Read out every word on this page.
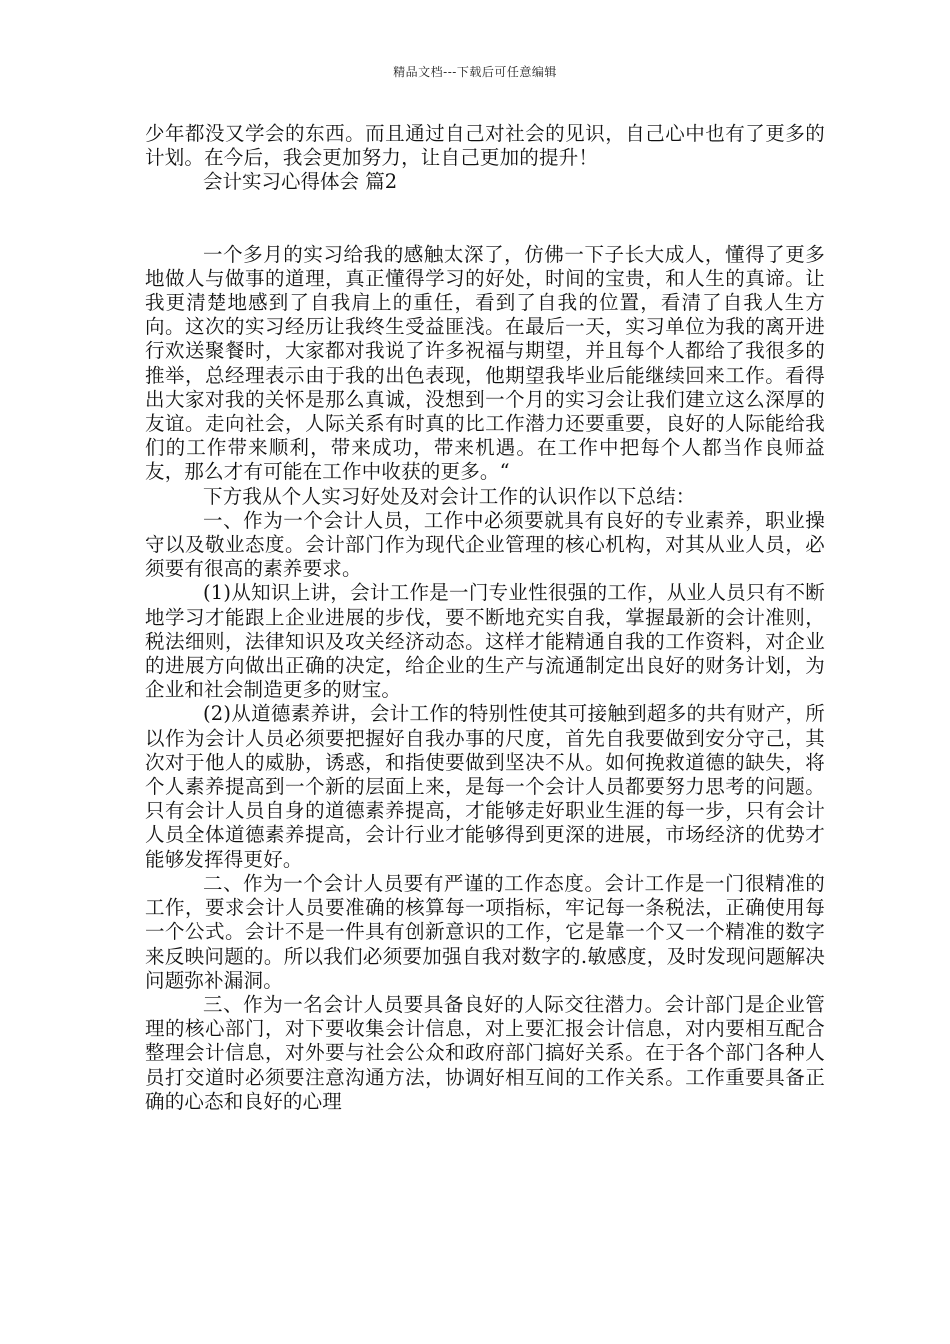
精品文档---下载后可任意编辑

少年都没又学会的东西。而且通过自己对社会的见识，自己心中也有了更多的计划。在今后，我会更加努力，让自己更加的提升！

会计实习心得体会 篇2

一个多月的实习给我的感触太深了，仿佛一下子长大成人，懂得了更多地做人与做事的道理，真正懂得学习的好处，时间的宝贵，和人生的真谛。让我更清楚地感到了自我肩上的重任，看到了自我的位置，看清了自我人生方向。这次的实习经历让我终生受益匪浅。在最后一天，实习单位为我的离开进行欢送聚餐时，大家都对我说了许多祝福与期望，并且每个人都给了我很多的推举，总经理表示由于我的出色表现，他期望我毕业后能继续回来工作。看得出大家对我的关怀是那么真诚，没想到一个月的实习会让我们建立这么深厚的友谊。走向社会，人际关系有时真的比工作潜力还要重要，良好的人际能给我们的工作带来顺利，带来成功，带来机遇。在工作中把每个人都当作良师益友，那么才有可能在工作中收获的更多。“

下方我从个人实习好处及对会计工作的认识作以下总结：

一、作为一个会计人员，工作中必须要就具有良好的专业素养，职业操守以及敬业态度。会计部门作为现代企业管理的核心机构，对其从业人员，必须要有很高的素养要求。

(1)从知识上讲，会计工作是一门专业性很强的工作，从业人员只有不断地学习才能跟上企业进展的步伐，要不断地充实自我，掌握最新的会计准则，税法细则，法律知识及攻关经济动态。这样才能精通自我的工作资料，对企业的进展方向做出正确的决定，给企业的生产与流通制定出良好的财务计划，为企业和社会制造更多的财宝。

(2)从道德素养讲，会计工作的特别性使其可接触到超多的共有财产，所以作为会计人员必须要把握好自我办事的尺度，首先自我要做到安分守己，其次对于他人的威胁，诱惑，和指使要做到坚决不从。如何挽救道德的缺失，将个人素养提高到一个新的层面上来，是每一个会计人员都要努力思考的问题。只有会计人员自身的道德素养提高，才能够走好职业生涯的每一步，只有会计人员全体道德素养提高，会计行业才能够得到更深的进展，市场经济的优势才能够发挥得更好。

二、作为一个会计人员要有严谨的工作态度。会计工作是一门很精准的工作，要求会计人员要准确的核算每一项指标，牢记每一条税法，正确使用每一个公式。会计不是一件具有创新意识的工作，它是靠一个又一个精准的数字来反映问题的。所以我们必须要加强自我对数字的.敏感度，及时发现问题解决问题弥补漏洞。

三、作为一名会计人员要具备良好的人际交往潜力。会计部门是企业管理的核心部门，对下要收集会计信息，对上要汇报会计信息，对内要相互配合整理会计信息，对外要与社会公众和政府部门搞好关系。在于各个部门各种人员打交道时必须要注意沟通方法，协调好相互间的工作关系。工作重要具备正确的心态和良好的心理
